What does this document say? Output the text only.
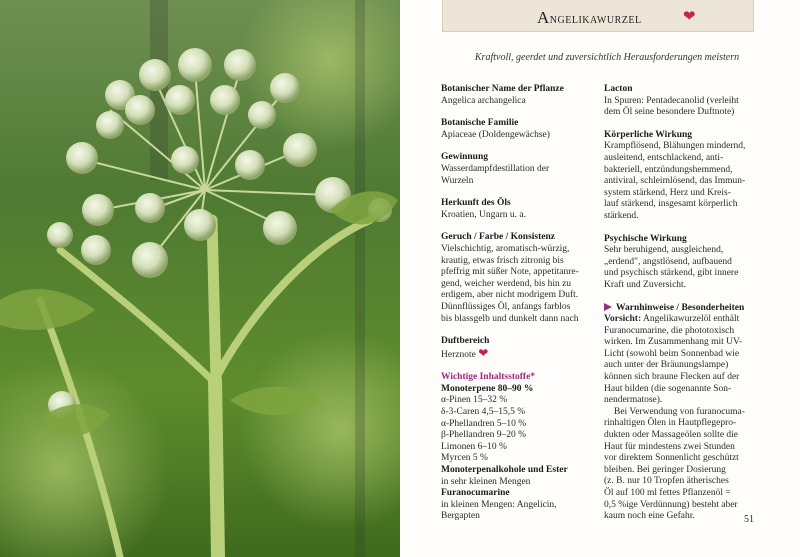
Angelikawurzel	❤
Kraftvoll, geerdet und zuversichtlich Herausforderungen meistern
Botanischer Name der Pflanze
Angelica archangelica
Botanische Familie
Apiaceae (Doldengewächse)
Gewinnung
Wasserdampfdestillation der
Wurzeln
Herkunft des Öls
Kroatien, Ungarn u. a.
Geruch / Farbe / Konsistenz
Vielschichtig, aromatisch-würzig,
krautig, etwas frisch zitronig bis
pfeffrig mit süßer Note, appetitanre-
gend, weicher werdend, bis hin zu
erdigem, aber nicht modrigem Duft.
Dünnflüssiges Öl, anfangs farblos
bis blassgelb und dunkelt dann nach
Duftbereich
Herznote ❤
Wichtige Inhaltsstoffe*
Monoterpene 80–90 %
α-Pinen 15–32 %
δ-3-Caren 4,5–15,5 %
α-Phellandren 5–10 %
β-Phellandren 9–20 %
Limonen 6–10 %
Myrcen 5 %
Monoterpenalkohole und Ester
in sehr kleinen Mengen
Furanocumarine
in kleinen Mengen: Angelicin,
Bergapten
Lacton
In Spuren: Pentadecanolid (verleiht
dem Öl seine besondere Duftnote)
Körperliche Wirkung
Krampflösend, Blähungen mindernd,
ausleitend, entschlackend, anti-
bakteriell, entzündungshemmend,
antiviral, schleimlösend, das Immun-
system stärkend, Herz und Kreis-
lauf stärkend, insgesamt körperlich
stärkend.
Psychische Wirkung
Sehr beruhigend, ausgleichend,
„erdend", angstlösend, aufbauend
und psychisch stärkend, gibt innere
Kraft und Zuversicht.
Warnhinweise / Besonderheiten
Vorsicht: Angelikawurzelöl enthält
Furanocumarine, die phototoxisch
wirken. Im Zusammenhang mit UV-
Licht (sowohl beim Sonnenbad wie
auch unter der Bräunungslampe)
können sich braune Flecken auf der
Haut bilden (die sogenannte Son-
nendermatose).
Bei Verwendung von furanocuma-
rinhaltigen Ölen in Hautpflegepro-
dukten oder Massageölen sollte die
Haut für mindestens zwei Stunden
vor direktem Sonnenlicht geschützt
bleiben. Bei geringer Dosierung
(z. B. nur 10 Tropfen ätherisches
Öl auf 100 ml fettes Pflanzenöl =
0,5 %ige Verdünnung) besteht aber
kaum noch eine Gefahr.	51
